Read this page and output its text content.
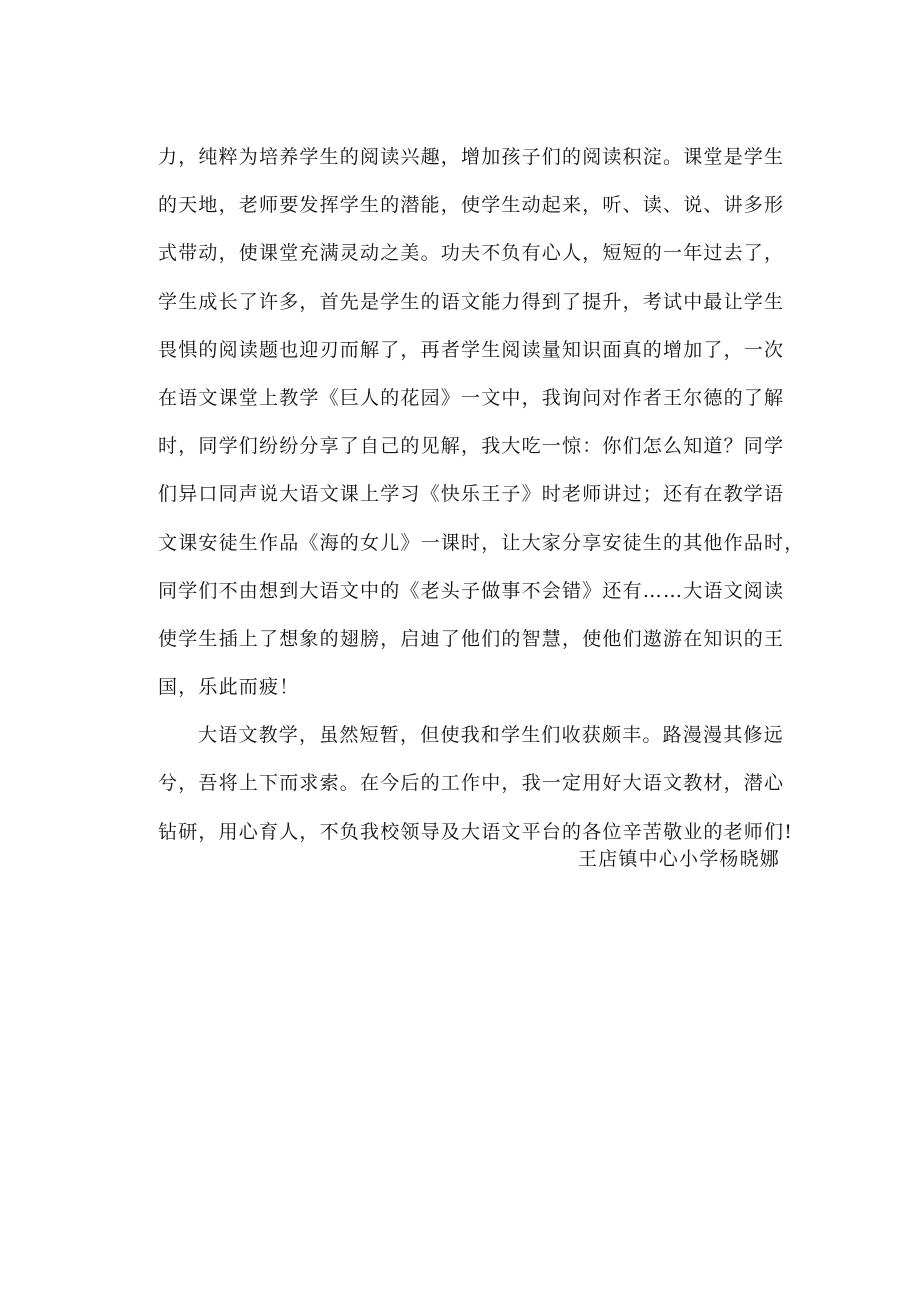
力，纯粹为培养学生的阅读兴趣，增加孩子们的阅读积淀。课堂是学生
的天地，老师要发挥学生的潜能，使学生动起来，听、读、说、讲多形
式带动，使课堂充满灵动之美。功夫不负有心人，短短的一年过去了，
学生成长了许多，首先是学生的语文能力得到了提升，考试中最让学生
畏惧的阅读题也迎刃而解了，再者学生阅读量知识面真的增加了，一次
在语文课堂上教学《巨人的花园》一文中，我询问对作者王尔德的了解
时，同学们纷纷分享了自己的见解，我大吃一惊：你们怎么知道？同学
们异口同声说大语文课上学习《快乐王子》时老师讲过；还有在教学语
文课安徒生作品《海的女儿》一课时，让大家分享安徒生的其他作品时，
同学们不由想到大语文中的《老头子做事不会错》还有……大语文阅读
使学生插上了想象的翅膀，启迪了他们的智慧，使他们遨游在知识的王
国，乐此而疲！
大语文教学，虽然短暂，但使我和学生们收获颇丰。路漫漫其修远
兮，吾将上下而求索。在今后的工作中，我一定用好大语文教材，潜心
钻研，用心育人，不负我校领导及大语文平台的各位辛苦敬业的老师们!
王店镇中心小学杨晓娜
